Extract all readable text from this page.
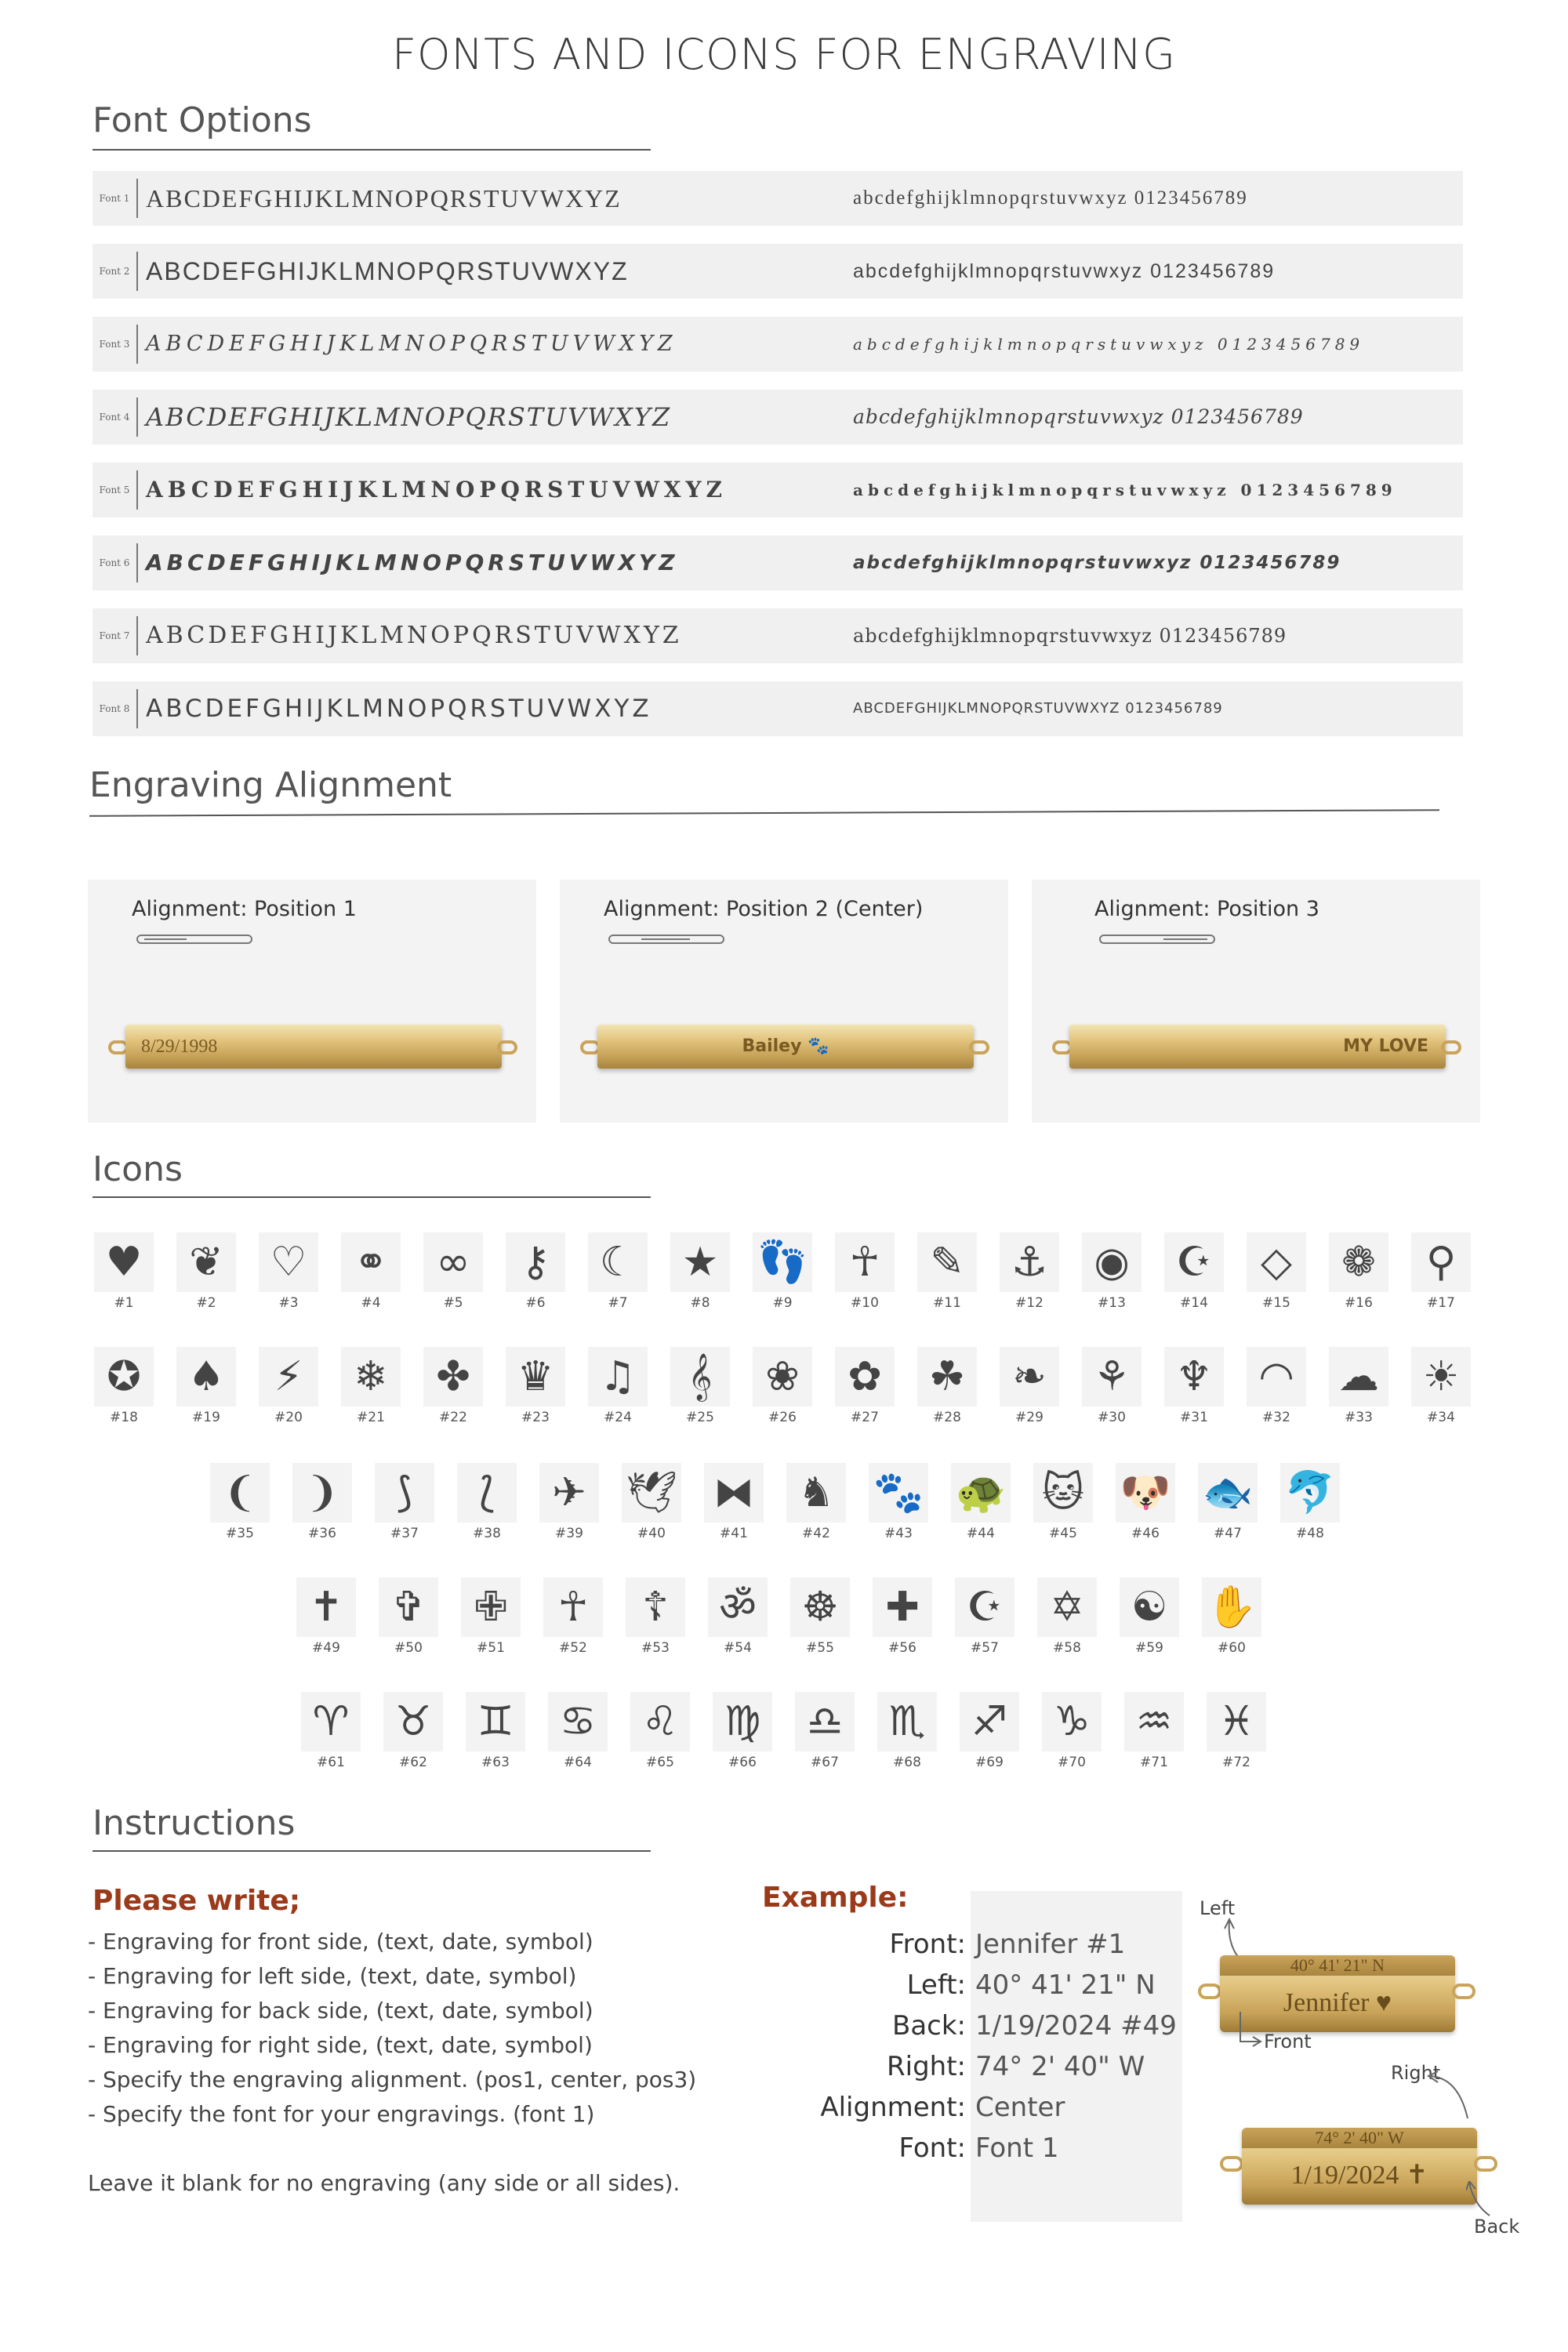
FONTS AND ICONS FOR ENGRAVING
Font Options
Font 1 ABCDEFGHIJKLMNOPQRSTUVWXYZ	abcdefghijklmnopqrstuvwxyz 0123456789
Font 2 ABCDEFGHIJKLMNOPQRSTUVWXYZ	abcdefghijklmnopqrstuvwxyz 0123456789
Font 3 ABCDEFGHIJKLMNOPQRSTUVWXYZ	abcdefghijklmnopqrstuvwxyz 0123456789
Font 4 ABCDEFGHIJKLMNOPQRSTUVWXYZ	abcdefghijklmnopqrstuvwxyz 0123456789
Font 5 ABCDEFGHIJKLMNOPQRSTUVWXYZ	abcdefghijklmnopqrstuvwxyz 0123456789
Font 6 ABCDEFGHIJKLMNOPQRSTUVWXYZ	abcdefghijklmnopqrstuvwxyz 0123456789
Font 7 ABCDEFGHIJKLMNOPQRSTUVWXYZ	abcdefghijklmnopqrstuvwxyz 0123456789
Font 8 ABCDEFGHIJKLMNOPQRSTUVWXYZ	ABCDEFGHIJKLMNOPQRSTUVWXYZ 0123456789
Engraving Alignment
Alignment: Position 1
8/29/1998
Alignment: Position 2 (Center)
Bailey 🐾
Alignment: Position 3
MY LOVE
Icons
♥
#1
❦
#2
♡
#3
⚭
#4
∞
#5
⚷
#6
☾
#7
★
#8
👣
#9
☥
#10
✎
#11
⚓
#12
◉
#13
☪
#14
◇
#15
❁
#16
⚲
#17
✪
#18
♠
#19
⚡
#20
❄
#21
✤
#22
♛
#23
♫
#24
𝄞
#25
❀
#26
✿
#27
☘
#28
❧
#29
⚘
#30
♆
#31
◠
#32
☁
#33
☀
#34
❨
#35
❩
#36
⟆
#37
⟅
#38
✈
#39
🕊
#40
⧓
#41
♞
#42
🐾
#43
🐢
#44
🐱
#45
🐶
#46
🐟
#47
🐬
#48
✝
#49
✞
#50
✙
#51
☥
#52
☦
#53
ॐ
#54
☸
#55
✚
#56
☪
#57
✡
#58
☯
#59
✋
#60
♈
#61
♉
#62
♊
#63
♋
#64
♌
#65
♍
#66
♎
#67
♏
#68
♐
#69
♑
#70
♒
#71
♓
#72
Instructions
Please write;
- Engraving for front side, (text, date, symbol)
- Engraving for left side, (text, date, symbol)
- Engraving for back side, (text, date, symbol)
- Engraving for right side, (text, date, symbol)
- Specify the engraving alignment. (pos1, center, pos3)
- Specify the font for your engravings. (font 1)
Leave it blank for no engraving (any side or all sides).
Example:
Front: Jennifer #1
Left: 40° 41' 21" N
Back: 1/19/2024 #49
Right: 74° 2' 40" W
Alignment: Center
Font: Font 1
Left
40° 41' 21" N
Jennifer ♥
Front
Right
74° 2' 40" W
1/19/2024 ✝
Back
